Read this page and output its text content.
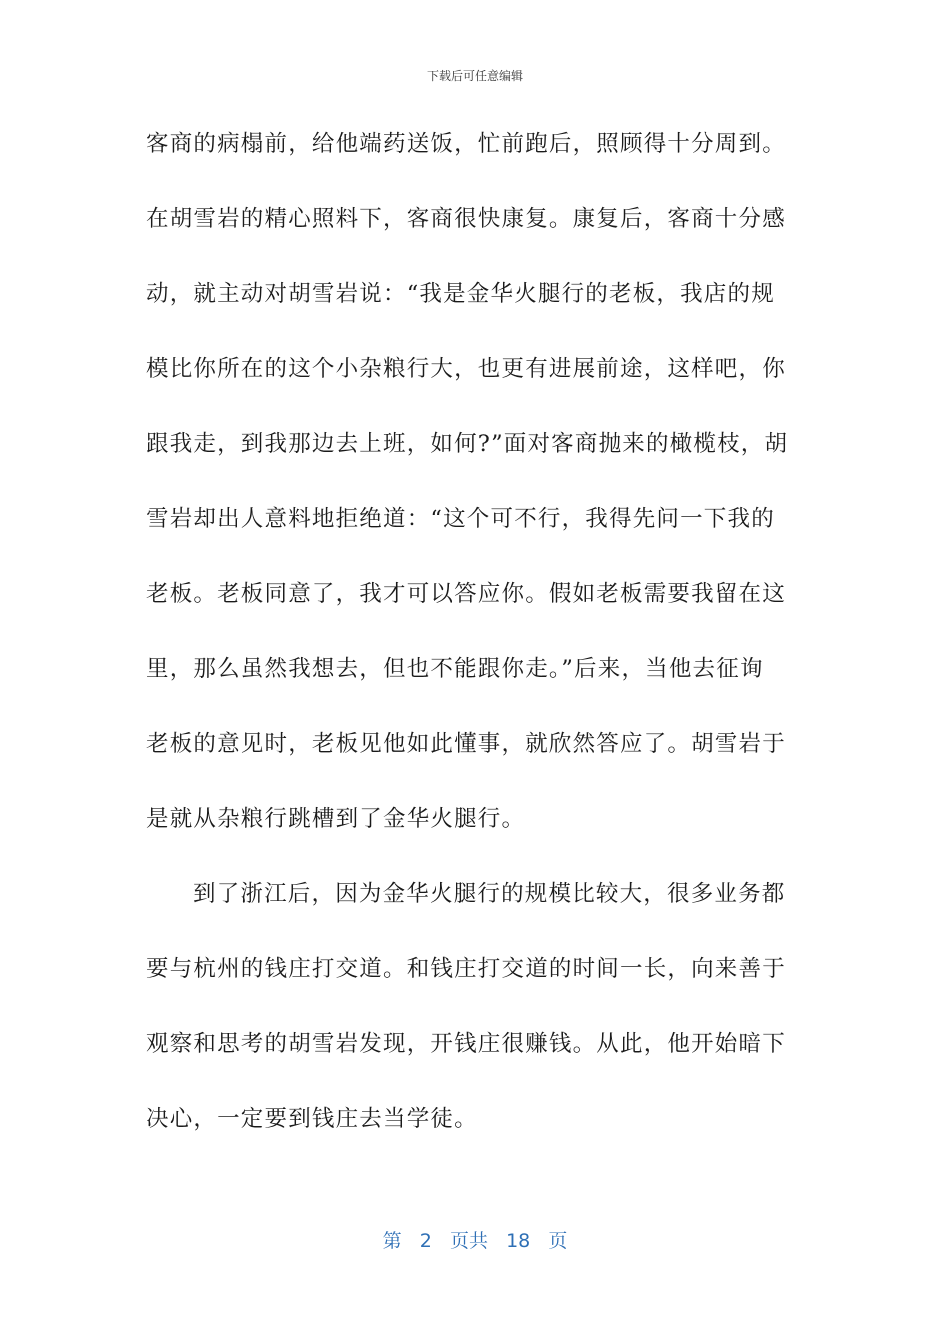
下载后可任意编辑
客商的病榻前，给他端药送饭，忙前跑后，照顾得十分周到。
在胡雪岩的精心照料下，客商很快康复。康复后，客商十分感
动，就主动对胡雪岩说：“我是金华火腿行的老板，我店的规
模比你所在的这个小杂粮行大，也更有进展前途，这样吧，你
跟我走，到我那边去上班，如何?”面对客商抛来的橄榄枝，胡
雪岩却出人意料地拒绝道：“这个可不行，我得先问一下我的
老板。老板同意了，我才可以答应你。假如老板需要我留在这
里，那么虽然我想去，但也不能跟你走。”后来，当他去征询
老板的意见时，老板见他如此懂事，就欣然答应了。胡雪岩于
是就从杂粮行跳槽到了金华火腿行。
到了浙江后，因为金华火腿行的规模比较大，很多业务都
要与杭州的钱庄打交道。和钱庄打交道的时间一长，向来善于
观察和思考的胡雪岩发现，开钱庄很赚钱。从此，他开始暗下
决心，一定要到钱庄去当学徒。
第 2 页共 18 页
